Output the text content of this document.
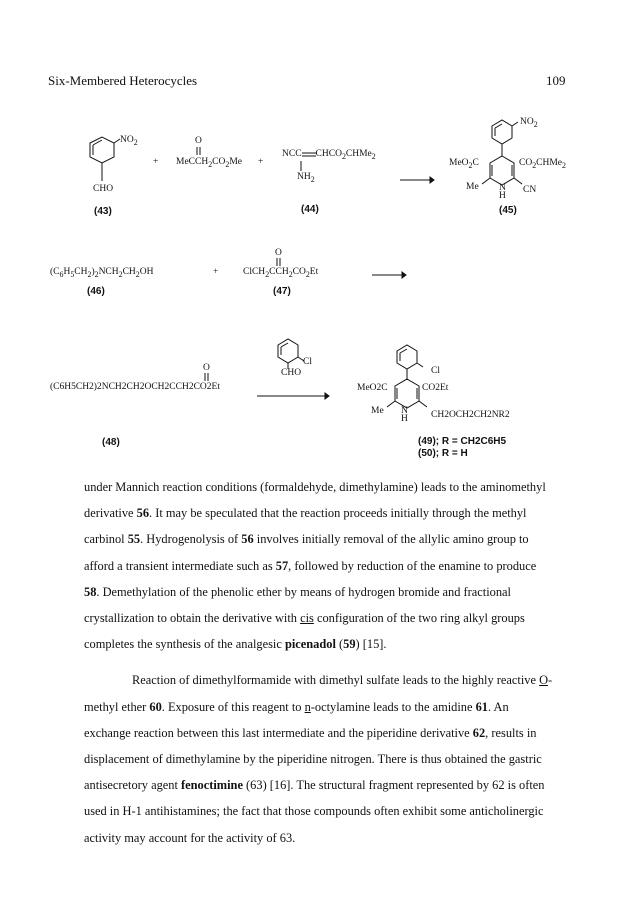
Six-Membered Heterocycles	109
$NO_2$
CHO
(43)
+
O
$MeCCH_2CO_2Me$ +
NCC $CHCO_2CHMe_2$
$NH_2$
(44)
$NO_2$
MeO$_2$C	$CO_2CHMe_2$
Me N
H
CN
(45)
$(C_6H_5CH_2)_2NCH_2CH_2OH$
(46)
+
O
$ClCH_2CCH_2CO_2Et$
(47)
O
(C6H5CH2)2NCH2CH2OCH2CCH2CO2Et
(48)
Cl
CHO	Cl
MeO2C	CO2Et
Me N
H CH2OCH2CH2NR2
(49); R = CH2C6H5
(50); R = H

under Mannich reaction conditions (formaldehyde, dimethylamine) leads to the aminomethyl derivative 56. It may be speculated that the reaction proceeds initially through the methyl carbinol 55. Hydrogenolysis of 56 involves initially removal of the allylic amino group to afford a transient intermediate such as 57, followed by reduction of the enamine to produce 58. Demethylation of the phenolic ether by means of hydrogen bromide and fractional crystallization to obtain the derivative with cis configuration of the two ring alkyl groups completes the synthesis of the analgesic picenadol (59) [15].

Reaction of dimethylformamide with dimethyl sulfate leads to the highly reactive O-methyl ether 60. Exposure of this reagent to n-octylamine leads to the amidine 61. An exchange reaction between this last intermediate and the piperidine derivative 62, results in displacement of dimethylamine by the piperidine nitrogen. There is thus obtained the gastric antisecretory agent fenoctimine (63) [16]. The structural fragment represented by 62 is often used in H-1 antihistamines; the fact that those compounds often exhibit some anticholinergic activity may account for the activity of 63.
